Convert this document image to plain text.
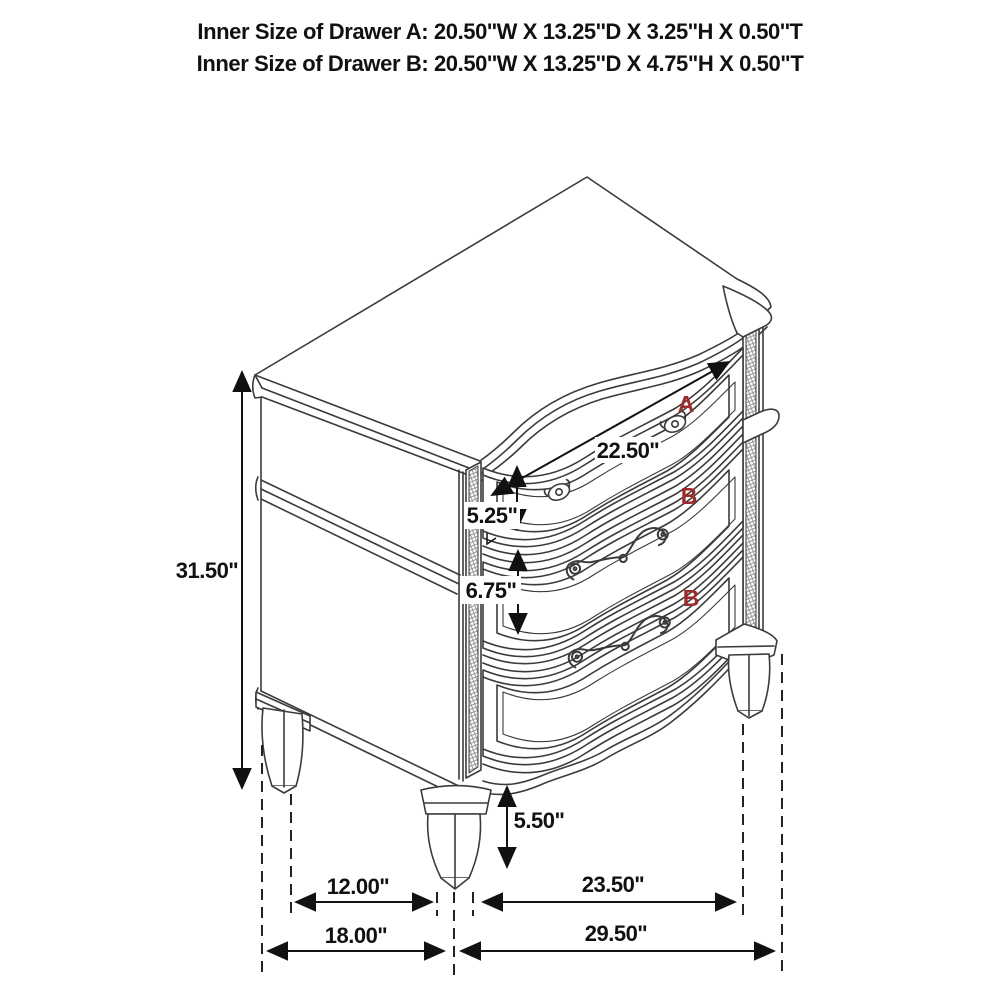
Inner Size of Drawer A: 20.50''W X 13.25''D X 3.25''H X 0.50''T
Inner Size of Drawer B: 20.50''W X 13.25''D X 4.75"H X 0.50"T
A
B
B
31.50"
22.50"
5.25"
6.75"
5.50"
12.00"	23.50"
18.00"	29.50"
